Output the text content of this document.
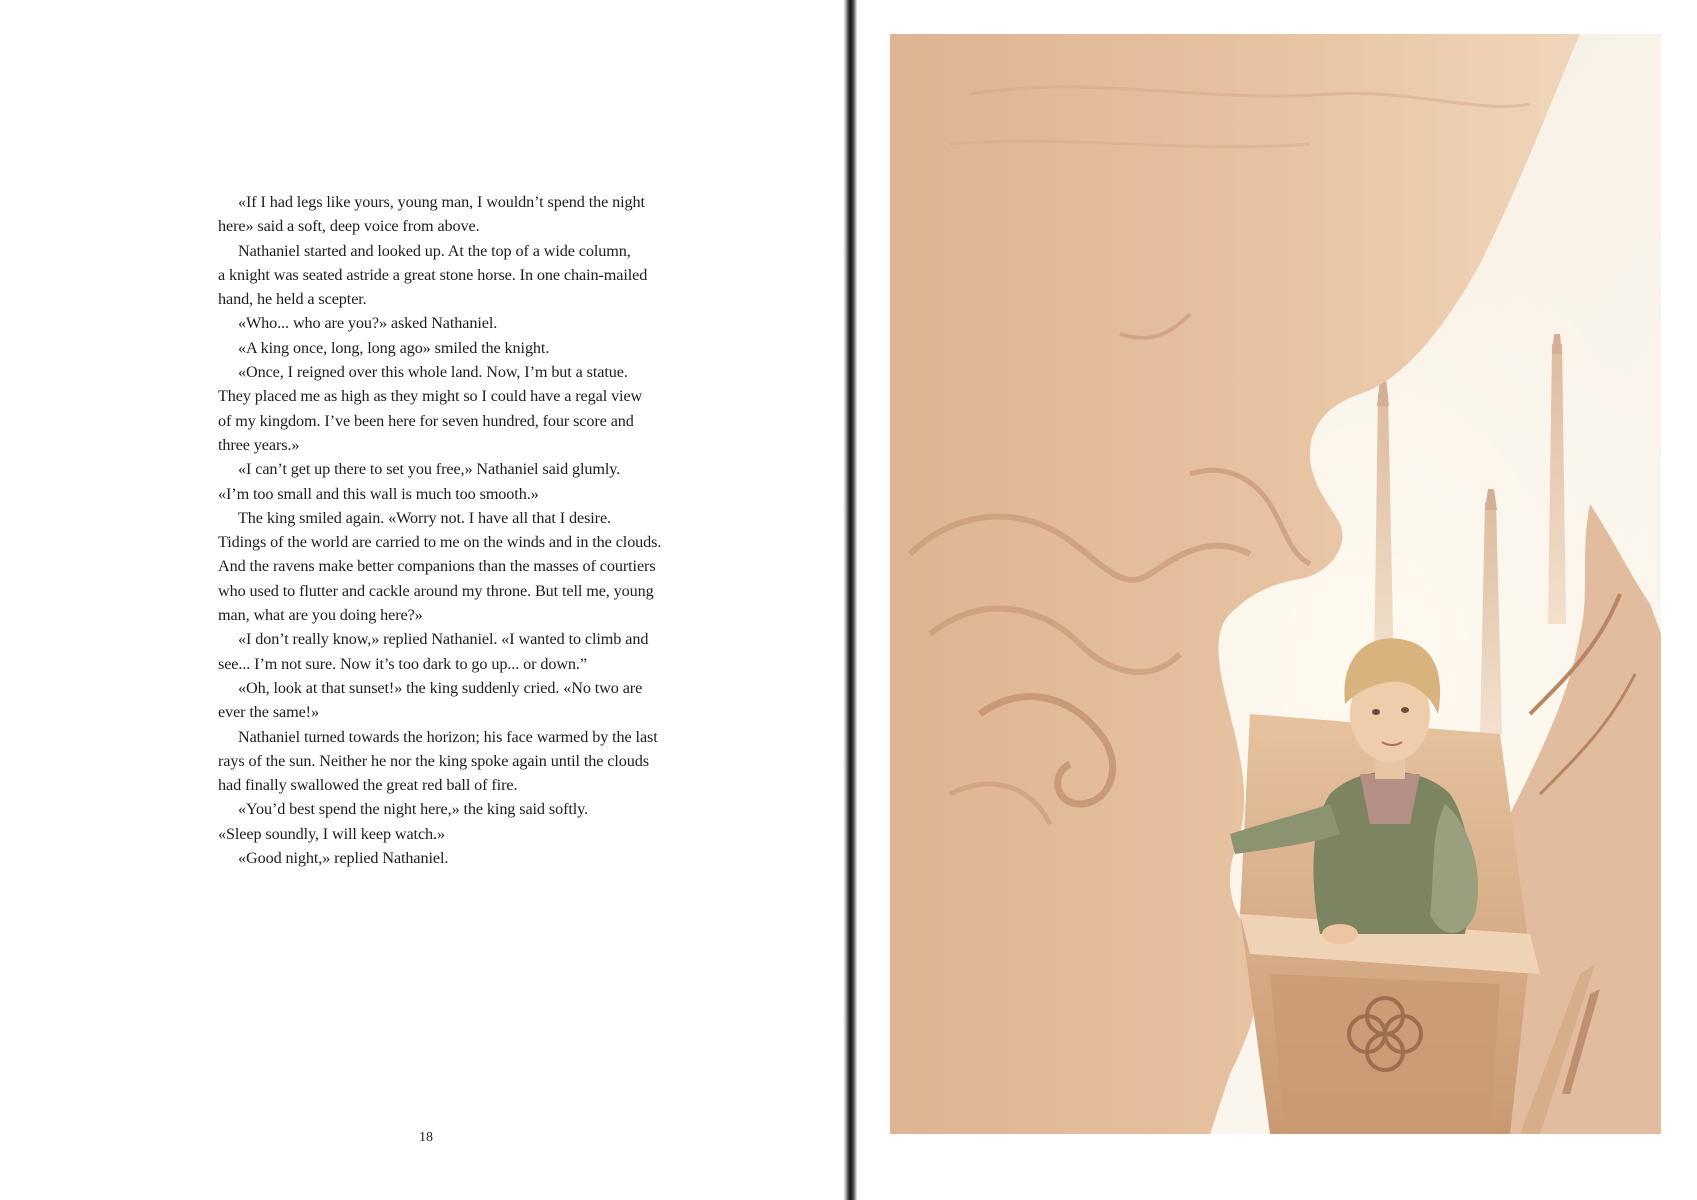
«If I had legs like yours, young man, I wouldn’t spend the night
here» said a soft, deep voice from above.

Nathaniel started and looked up. At the top of a wide column,
a knight was seated astride a great stone horse. In one chain-mailed
hand, he held a scepter.

«Who... who are you?» asked Nathaniel.

«A king once, long, long ago» smiled the knight.

«Once, I reigned over this whole land. Now, I’m but a statue.
They placed me as high as they might so I could have a regal view
of my kingdom. I’ve been here for seven hundred, four score and
three years.»

«I can’t get up there to set you free,» Nathaniel said glumly.
«I’m too small and this wall is much too smooth.»

The king smiled again. «Worry not. I have all that I desire.
Tidings of the world are carried to me on the winds and in the clouds.
And the ravens make better companions than the masses of courtiers
who used to flutter and cackle around my throne. But tell me, young
man, what are you doing here?»

«I don’t really know,» replied Nathaniel. «I wanted to climb and
see... I’m not sure. Now it’s too dark to go up... or down.”

«Oh, look at that sunset!» the king suddenly cried. «No two are
ever the same!»

Nathaniel turned towards the horizon; his face warmed by the last
rays of the sun. Neither he nor the king spoke again until the clouds
had finally swallowed the great red ball of fire.

«You’d best spend the night here,» the king said softly.
«Sleep soundly, I will keep watch.»

«Good night,» replied Nathaniel.

18
